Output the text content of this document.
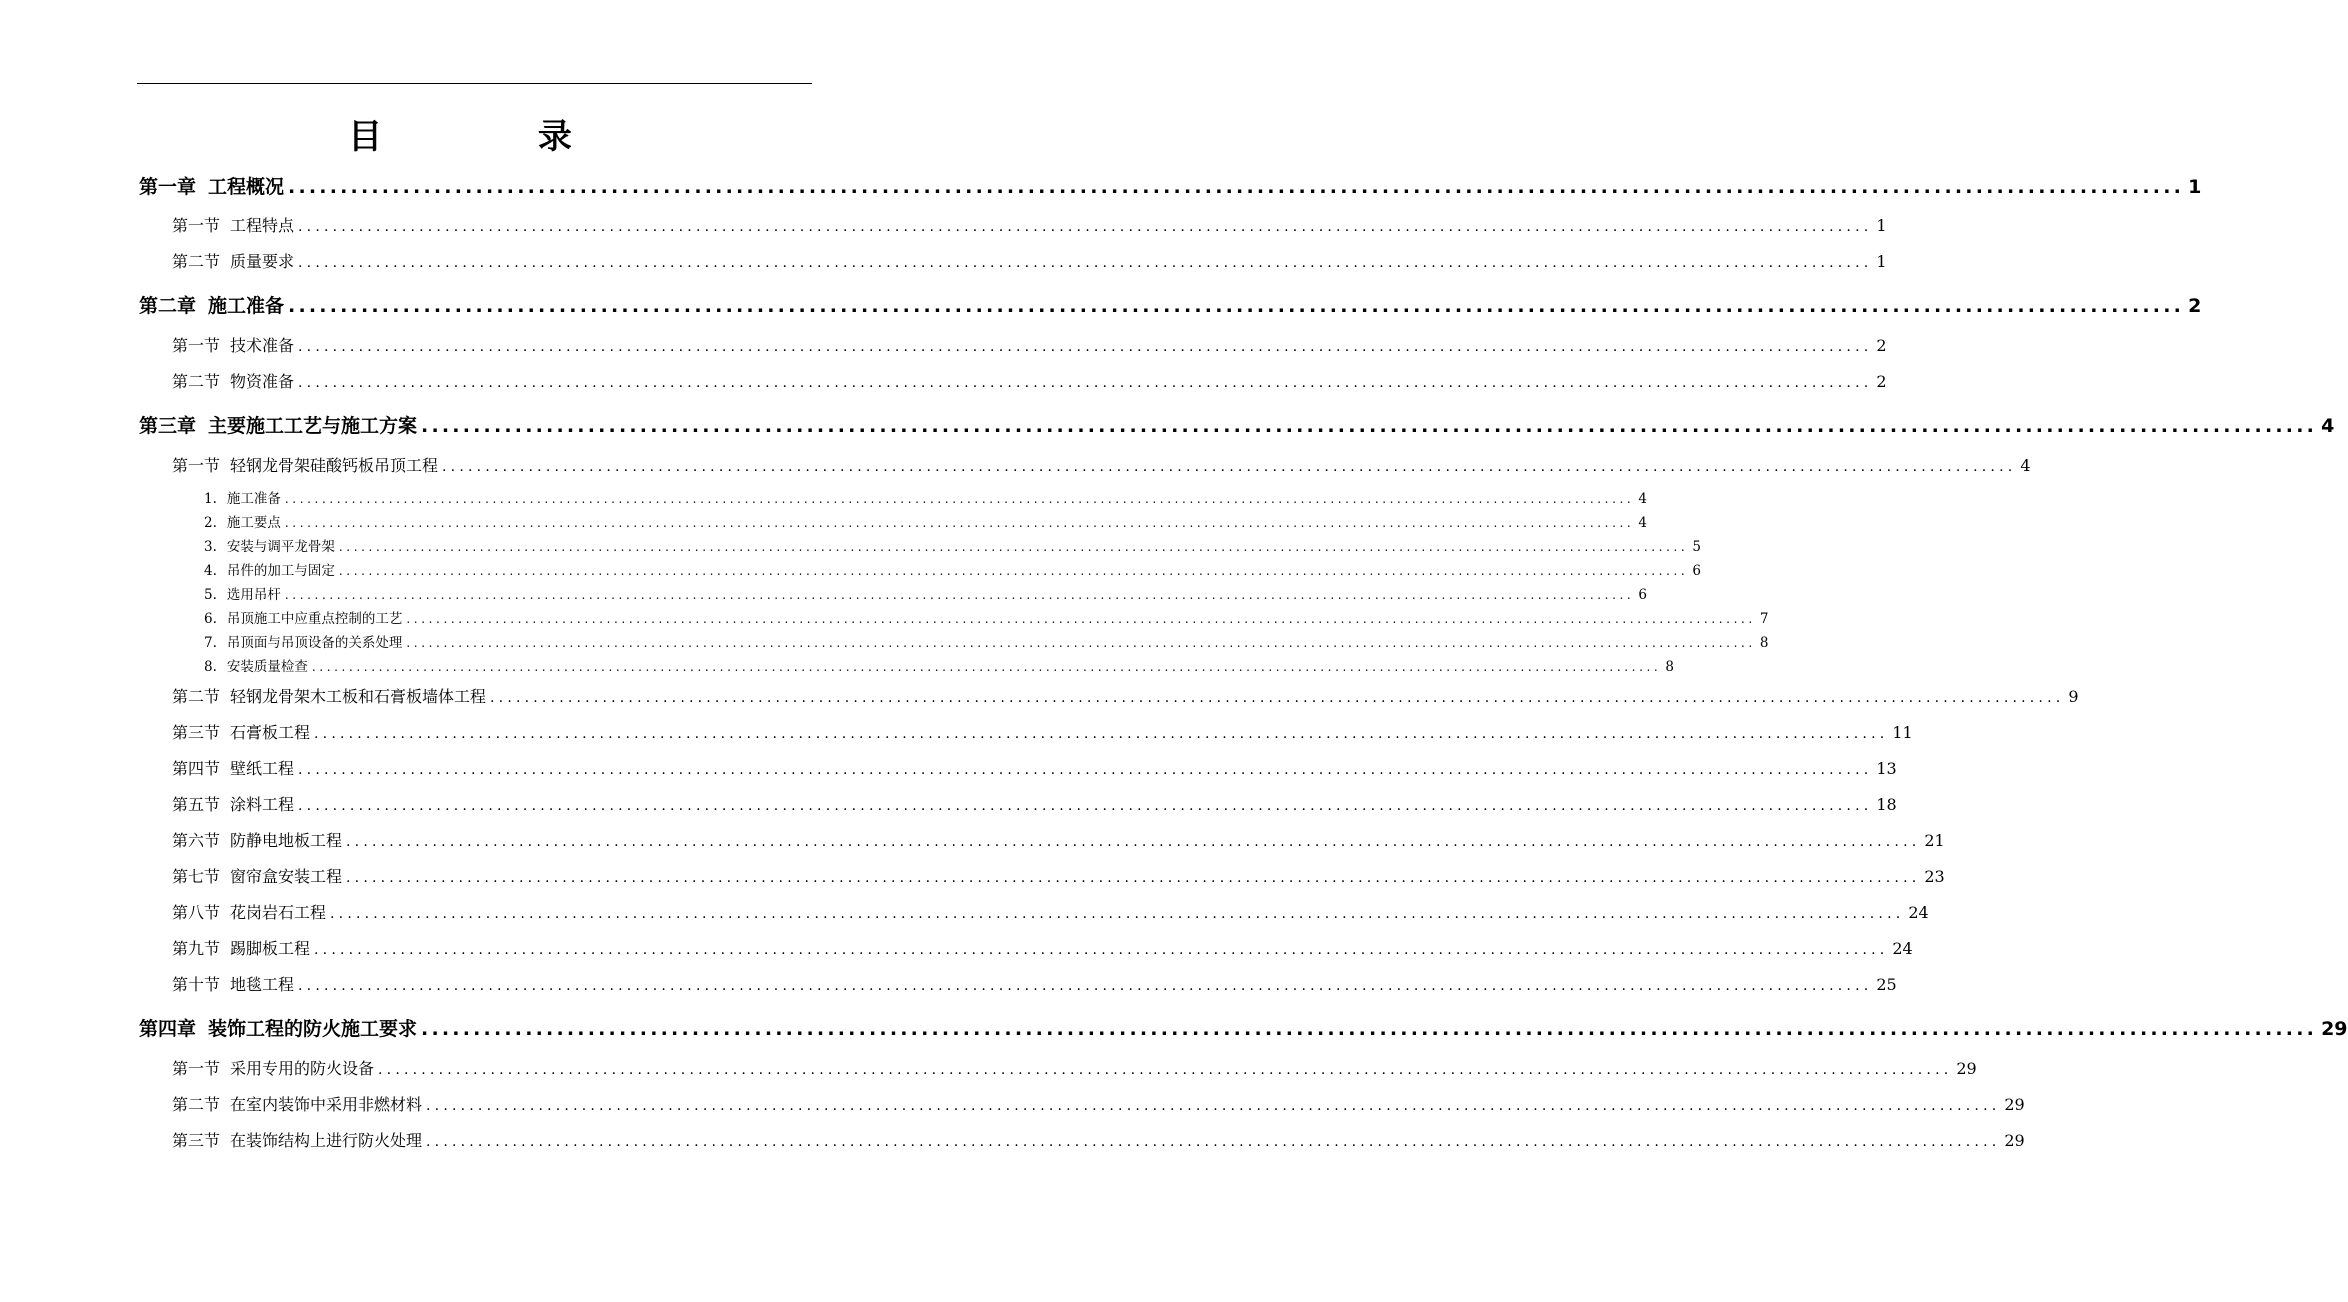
目 录
第一章 工程概况 ...................................................................................................................................................................................... 1
第一节 工程特点 ...................................................................................................................................................................................... 1
第二节 质量要求 ...................................................................................................................................................................................... 1
第二章 施工准备 ...................................................................................................................................................................................... 2
第一节 技术准备 ...................................................................................................................................................................................... 2
第二节 物资准备 ...................................................................................................................................................................................... 2
第三章 主要施工工艺与施工方案 ...................................................................................................................................................................................... 4
第一节 轻钢龙骨架硅酸钙板吊顶工程 ...................................................................................................................................................................................... 4
1. 施工准备 ...................................................................................................................................................................................... 4
2. 施工要点 ...................................................................................................................................................................................... 4
3. 安装与调平龙骨架 ...................................................................................................................................................................................... 5
4. 吊件的加工与固定 ...................................................................................................................................................................................... 6
5. 选用吊杆 ...................................................................................................................................................................................... 6
6. 吊顶施工中应重点控制的工艺 ...................................................................................................................................................................................... 7
7. 吊顶面与吊顶设备的关系处理 ...................................................................................................................................................................................... 8
8. 安装质量检查 ...................................................................................................................................................................................... 8
第二节 轻钢龙骨架木工板和石膏板墙体工程 ...................................................................................................................................................................................... 9
第三节 石膏板工程 ...................................................................................................................................................................................... 11
第四节 壁纸工程 ...................................................................................................................................................................................... 13
第五节 涂料工程 ...................................................................................................................................................................................... 18
第六节 防静电地板工程 ...................................................................................................................................................................................... 21
第七节 窗帘盒安装工程 ...................................................................................................................................................................................... 23
第八节 花岗岩石工程 ...................................................................................................................................................................................... 24
第九节 踢脚板工程 ...................................................................................................................................................................................... 24
第十节 地毯工程 ...................................................................................................................................................................................... 25
第四章 装饰工程的防火施工要求 ...................................................................................................................................................................................... 29
第一节 采用专用的防火设备 ...................................................................................................................................................................................... 29
第二节 在室内装饰中采用非燃材料 ...................................................................................................................................................................................... 29
第三节 在装饰结构上进行防火处理 ...................................................................................................................................................................................... 29
